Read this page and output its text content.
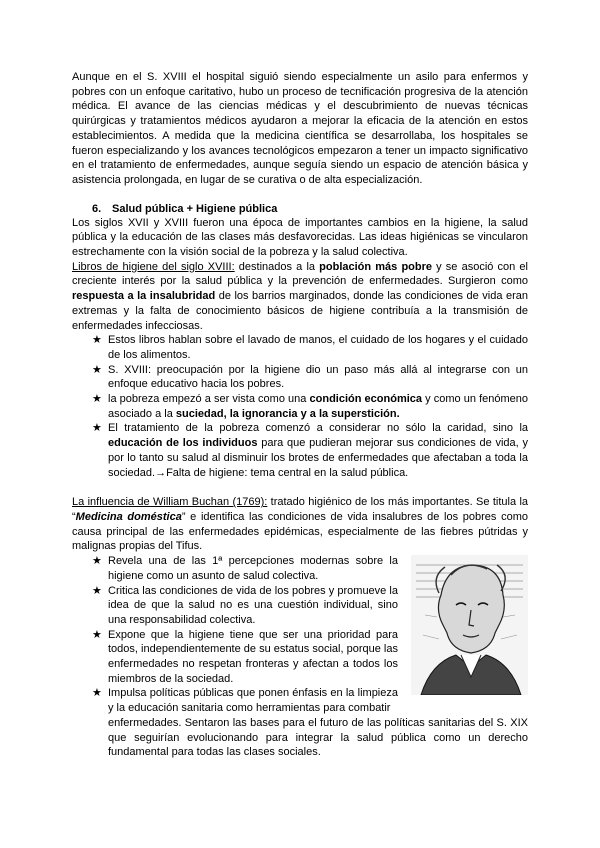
Aunque en el S. XVIII el hospital siguió siendo especialmente un asilo para enfermos y pobres con un enfoque caritativo, hubo un proceso de tecnificación progresiva de la atención médica. El avance de las ciencias médicas y el descubrimiento de nuevas técnicas quirúrgicas y tratamientos médicos ayudaron a mejorar la eficacia de la atención en estos establecimientos. A medida que la medicina científica se desarrollaba, los hospitales se fueron especializando y los avances tecnológicos empezaron a tener un impacto significativo en el tratamiento de enfermedades, aunque seguía siendo un espacio de atención básica y asistencia prolongada, en lugar de se curativa o de alta especialización.

6. Salud pública + Higiene pública

Los siglos XVII y XVIII fueron una época de importantes cambios en la higiene, la salud pública y la educación de las clases más desfavorecidas. Las ideas higiénicas se vincularon estrechamente con la visión social de la pobreza y la salud colectiva.

Libros de higiene del siglo XVIII: destinados a la población más pobre y se asoció con el creciente interés por la salud pública y la prevención de enfermedades. Surgieron como respuesta a la insalubridad de los barrios marginados, donde las condiciones de vida eran extremas y la falta de conocimiento básicos de higiene contribuía a la transmisión de enfermedades infecciosas.

★ Estos libros hablan sobre el lavado de manos, el cuidado de los hogares y el cuidado de los alimentos.
★ S. XVIII: preocupación por la higiene dio un paso más allá al integrarse con un enfoque educativo hacia los pobres.
★ la pobreza empezó a ser vista como una condición económica y como un fenómeno asociado a la suciedad, la ignorancia y a la superstición.
★ El tratamiento de la pobreza comenzó a considerar no sólo la caridad, sino la educación de los individuos para que pudieran mejorar sus condiciones de vida, y por lo tanto su salud al disminuir los brotes de enfermedades que afectaban a toda la sociedad.→Falta de higiene: tema central en la salud pública.

La influencia de William Buchan (1769): tratado higiénico de los más importantes. Se titula la “Medicina doméstica” e identifica las condiciones de vida insalubres de los pobres como causa principal de las enfermedades epidémicas, especialmente de las fiebres pútridas y malignas propias del Tifus.

★ Revela una de las 1ª percepciones modernas sobre la higiene como un asunto de salud colectiva.
★ Critica las condiciones de vida de los pobres y promueve la idea de que la salud no es una cuestión individual, sino una responsabilidad colectiva.
★ Expone que la higiene tiene que ser una prioridad para todos, independientemente de su estatus social, porque las enfermedades no respetan fronteras y afectan a todos los miembros de la sociedad.
★ Impulsa políticas públicas que ponen énfasis en la limpieza y la educación sanitaria como herramientas para combatir

enfermedades. Sentaron las bases para el futuro de las políticas sanitarias del S. XIX que seguirían evolucionando para integrar la salud pública como un derecho fundamental para todas las clases sociales.
